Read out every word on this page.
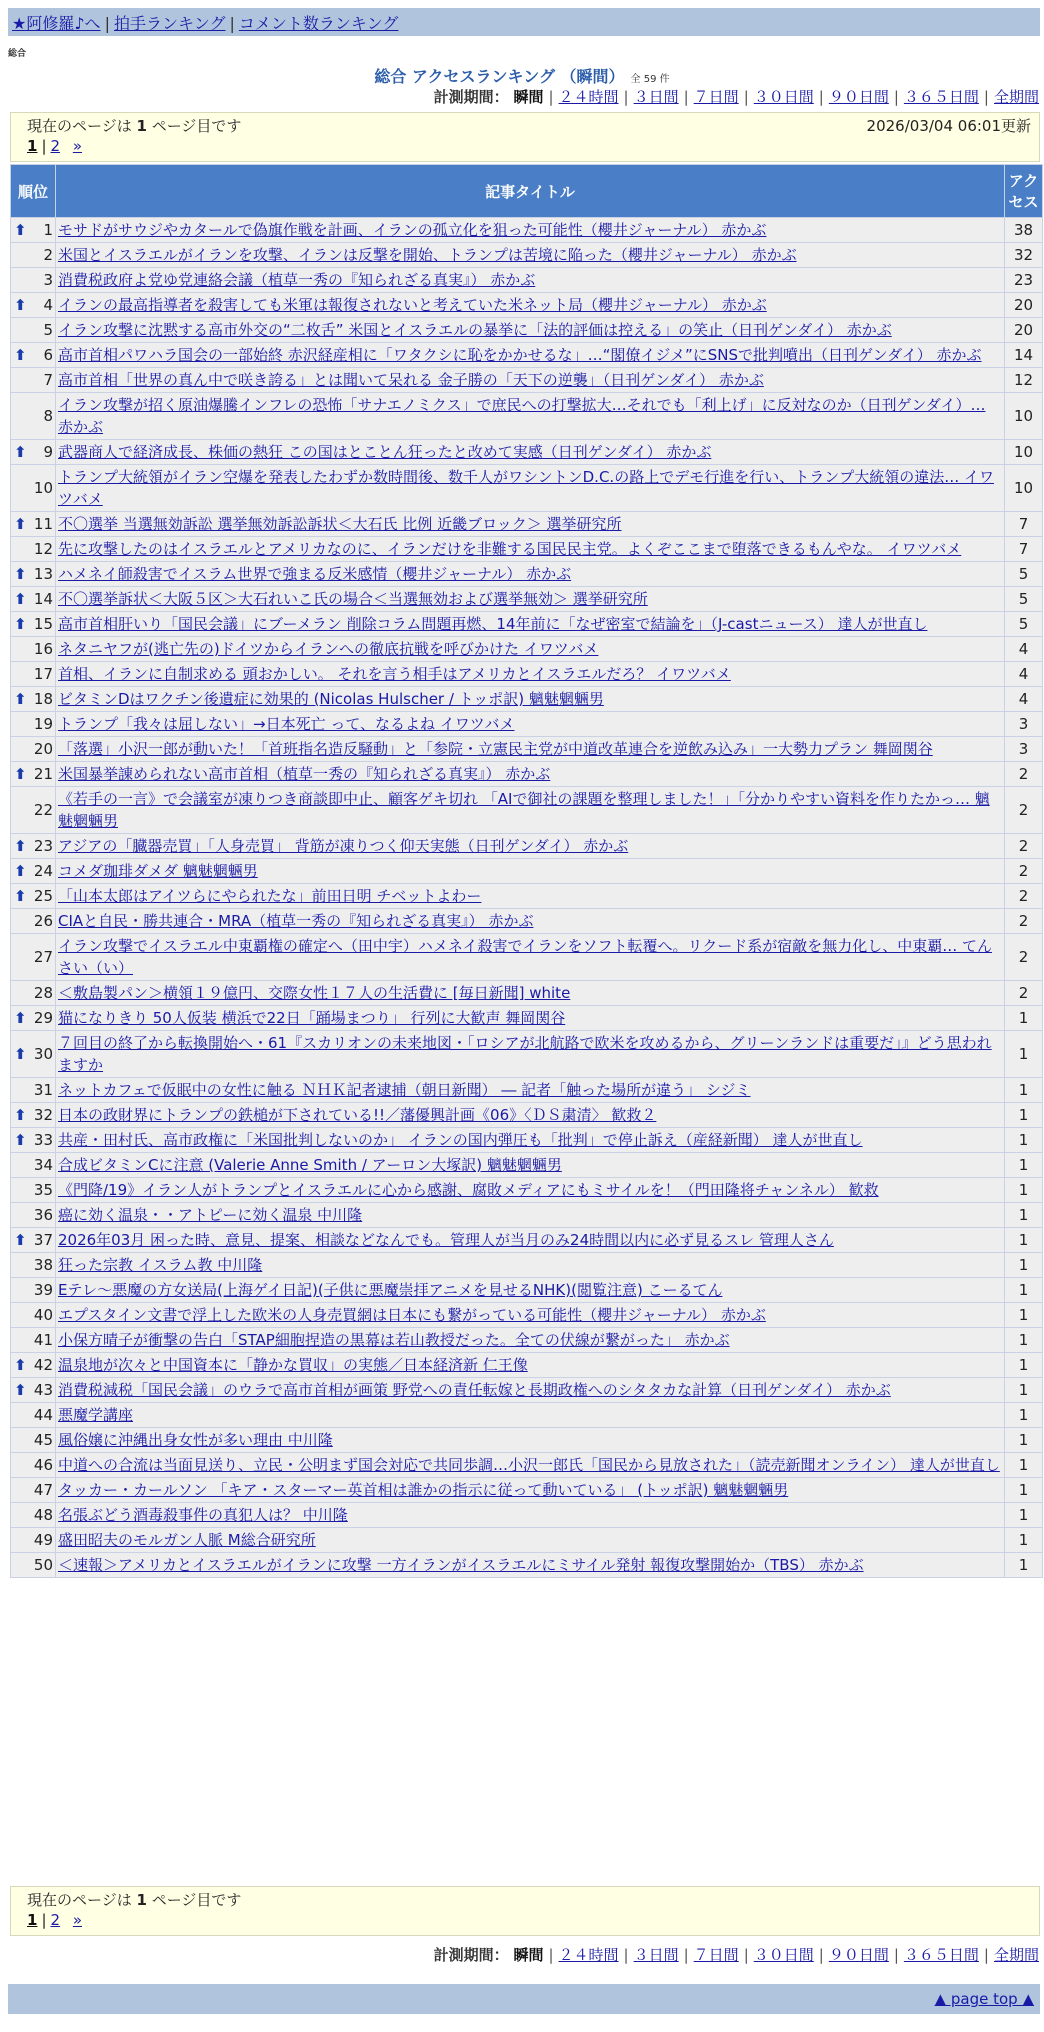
★阿修羅♪へ | 拍手ランキング | コメント数ランキング
総合
総合 アクセスランキング （瞬間） 全 59 件
計測期間： 瞬間 | ２４時間 | ３日間 | ７日間 | ３０日間 | ９０日間 | ３６５日間 | 全期間
現在のページは 1 ページ目です	2026/03/04 06:01更新
1 | 2 »
順位	記事タイトル	アクセス

⬆ 1	モサドがサウジやカタールで偽旗作戦を計画、イランの孤立化を狙った可能性（櫻井ジャーナル） 赤かぶ	38
2	米国とイスラエルがイランを攻撃、イランは反撃を開始、トランプは苦境に陥った（櫻井ジャーナル） 赤かぶ	32
3	消費税政府よ党ゆ党連絡会議（植草一秀の『知られざる真実』） 赤かぶ	23

⬆ 4	イランの最高指導者を殺害しても米軍は報復されないと考えていた米ネット局（櫻井ジャーナル） 赤かぶ	20
5	イラン攻撃に沈黙する高市外交の“二枚舌” 米国とイスラエルの暴挙に「法的評価は控える」の笑止（日刊ゲンダイ） 赤かぶ	20

⬆ 6	高市首相パワハラ国会の一部始終 赤沢経産相に「ワタクシに恥をかかせるな」…“閣僚イジメ”にSNSで批判噴出（日刊ゲンダイ） 赤かぶ	14
7	高市首相「世界の真ん中で咲き誇る」とは聞いて呆れる 金子勝の「天下の逆襲」（日刊ゲンダイ） 赤かぶ	12
8	イラン攻撃が招く原油爆騰インフレの恐怖「サナエノミクス」で庶民への打撃拡大…それでも「利上げ」に反対なのか（日刊ゲンダイ）… 赤かぶ	10

⬆ 9	武器商人で経済成長、株価の熱狂 この国はとことん狂ったと改めて実感（日刊ゲンダイ） 赤かぶ	10
10	トランプ大統領がイラン空爆を発表したわずか数時間後、数千人がワシントンD.C.の路上でデモ行進を行い、トランプ大統領の違法… イワツバメ	10

⬆ 11	不〇選挙 当選無効訴訟 選挙無効訴訟訴状＜大石氏 比例 近畿ブロック＞ 選挙研究所	7
12	先に攻撃したのはイスラエルとアメリカなのに、イランだけを非難する国民民主党。よくぞここまで堕落できるもんやな。 イワツバメ	7

⬆ 13	ハメネイ師殺害でイスラム世界で強まる反米感情（櫻井ジャーナル） 赤かぶ	5

⬆ 14	不〇選挙訴状＜大阪５区＞大石れいこ氏の場合＜当選無効および選挙無効＞ 選挙研究所	5

⬆ 15	高市首相肝いり「国民会議」にブーメラン 削除コラム問題再燃、14年前に「なぜ密室で結論を」（J-castニュース） 達人が世直し	5
16	ネタニヤフが(逃亡先の)ドイツからイランへの徹底抗戦を呼びかけた イワツバメ	4
17	首相、イランに自制求める 頭おかしい。 それを言う相手はアメリカとイスラエルだろ？ イワツバメ	4

⬆ 18	ビタミンDはワクチン後遺症に効果的 (Nicolas Hulscher / トッポ訳) 魑魅魍魎男	4
19	トランプ「我々は屈しない」→日本死亡 って、なるよね イワツバメ	3
20	「落選」小沢一郎が動いた！「首班指名造反騒動」と「参院・立憲民主党が中道改革連合を逆飲み込み」一大勢力プラン 舞岡関谷	3

⬆ 21	米国暴挙諌められない高市首相（植草一秀の『知られざる真実』） 赤かぶ	2
22	《若手の一言》で会議室が凍りつき商談即中止、顧客ゲキ切れ 「AIで御社の課題を整理しました！」「分かりやすい資料を作りたかっ… 魑魅魍魎男	2

⬆ 23	アジアの「臓器売買」「人身売買」 背筋が凍りつく仰天実態（日刊ゲンダイ） 赤かぶ	2

⬆ 24	コメダ珈琲ダメダ 魑魅魍魎男	2

⬆ 25	「山本太郎はアイツらにやられたな」前田日明 チベットよわー	2
26	CIAと自民・勝共連合・MRA（植草一秀の『知られざる真実』） 赤かぶ	2
27	イラン攻撃でイスラエル中東覇権の確定へ（田中宇）ハメネイ殺害でイランをソフト転覆へ。リクード系が宿敵を無力化し、中東覇… てんさい（い）	2
28	＜敷島製パン＞横領１９億円、交際女性１７人の生活費に [毎日新聞] white	2

⬆ 29	猫になりきり 50人仮装 横浜で22日「踊場まつり」 行列に大歓声 舞岡関谷	1

⬆ 30	７回目の終了から転換開始へ・61『スカリオンの未来地図・「ロシアが北航路で欧米を攻めるから、グリーンランドは重要だ」』どう思われますか	1
31	ネットカフェで仮眠中の女性に触る ＮＨＫ記者逮捕（朝日新聞） ― 記者「触った場所が違う」 シジミ	1

⬆ 32	日本の政財界にトランプの鉄槌が下されている!!／藩優興計画《06》〈ＤＳ粛清〉 歓救２	1

⬆ 33	共産・田村氏、高市政権に「米国批判しないのか」 イランの国内弾圧も「批判」で停止訴え（産経新聞） 達人が世直し	1
34	合成ビタミンCに注意 (Valerie Anne Smith / アーロン大塚訳) 魑魅魍魎男	1
35	《門降/19》イラン人がトランプとイスラエルに心から感謝、腐敗メディアにもミサイルを！（門田隆将チャンネル） 歓救	1
36	癌に効く温泉・・アトピーに効く温泉 中川隆	1

⬆ 37	2026年03月 困った時、意見、提案、相談などなんでも。管理人が当月のみ24時間以内に必ず見るスレ 管理人さん	1
38	狂った宗教 イスラム教 中川隆	1
39	Eテレ〜悪魔の方女送局(上海ゲイ日記)(子供に悪魔崇拝アニメを見せるNHK)(閲覧注意) こーるてん	1
40	エプスタイン文書で浮上した欧米の人身売買網は日本にも繋がっている可能性（櫻井ジャーナル） 赤かぶ	1
41	小保方晴子が衝撃の告白「STAP細胞捏造の黒幕は若山教授だった。全ての伏線が繋がった」 赤かぶ	1

⬆ 42	温泉地が次々と中国資本に「静かな買収」の実態／日本経済新 仁王像	1

⬆ 43	消費税減税「国民会議」のウラで高市首相が画策 野党への責任転嫁と長期政権へのシタタカな計算（日刊ゲンダイ） 赤かぶ	1
44	悪魔学講座	1
45	風俗嬢に沖縄出身女性が多い理由 中川隆	1
46	中道への合流は当面見送り、立民・公明まず国会対応で共同歩調…小沢一郎氏「国民から見放された」（読売新聞オンライン） 達人が世直し	1
47	タッカー・カールソン 「キア・スターマー英首相は誰かの指示に従って動いている」 (トッポ訳) 魑魅魍魎男	1
48	名張ぶどう酒毒殺事件の真犯人は？ 中川隆	1
49	盛田昭夫のモルガン人脈 M総合研究所	1
50	＜速報＞アメリカとイスラエルがイランに攻撃 一方イランがイスラエルにミサイル発射 報復攻撃開始か（TBS） 赤かぶ	1
現在のページは 1 ページ目です
1 | 2 »
計測期間： 瞬間 | ２４時間 | ３日間 | ７日間 | ３０日間 | ９０日間 | ３６５日間 | 全期間
▲ page top ▲
